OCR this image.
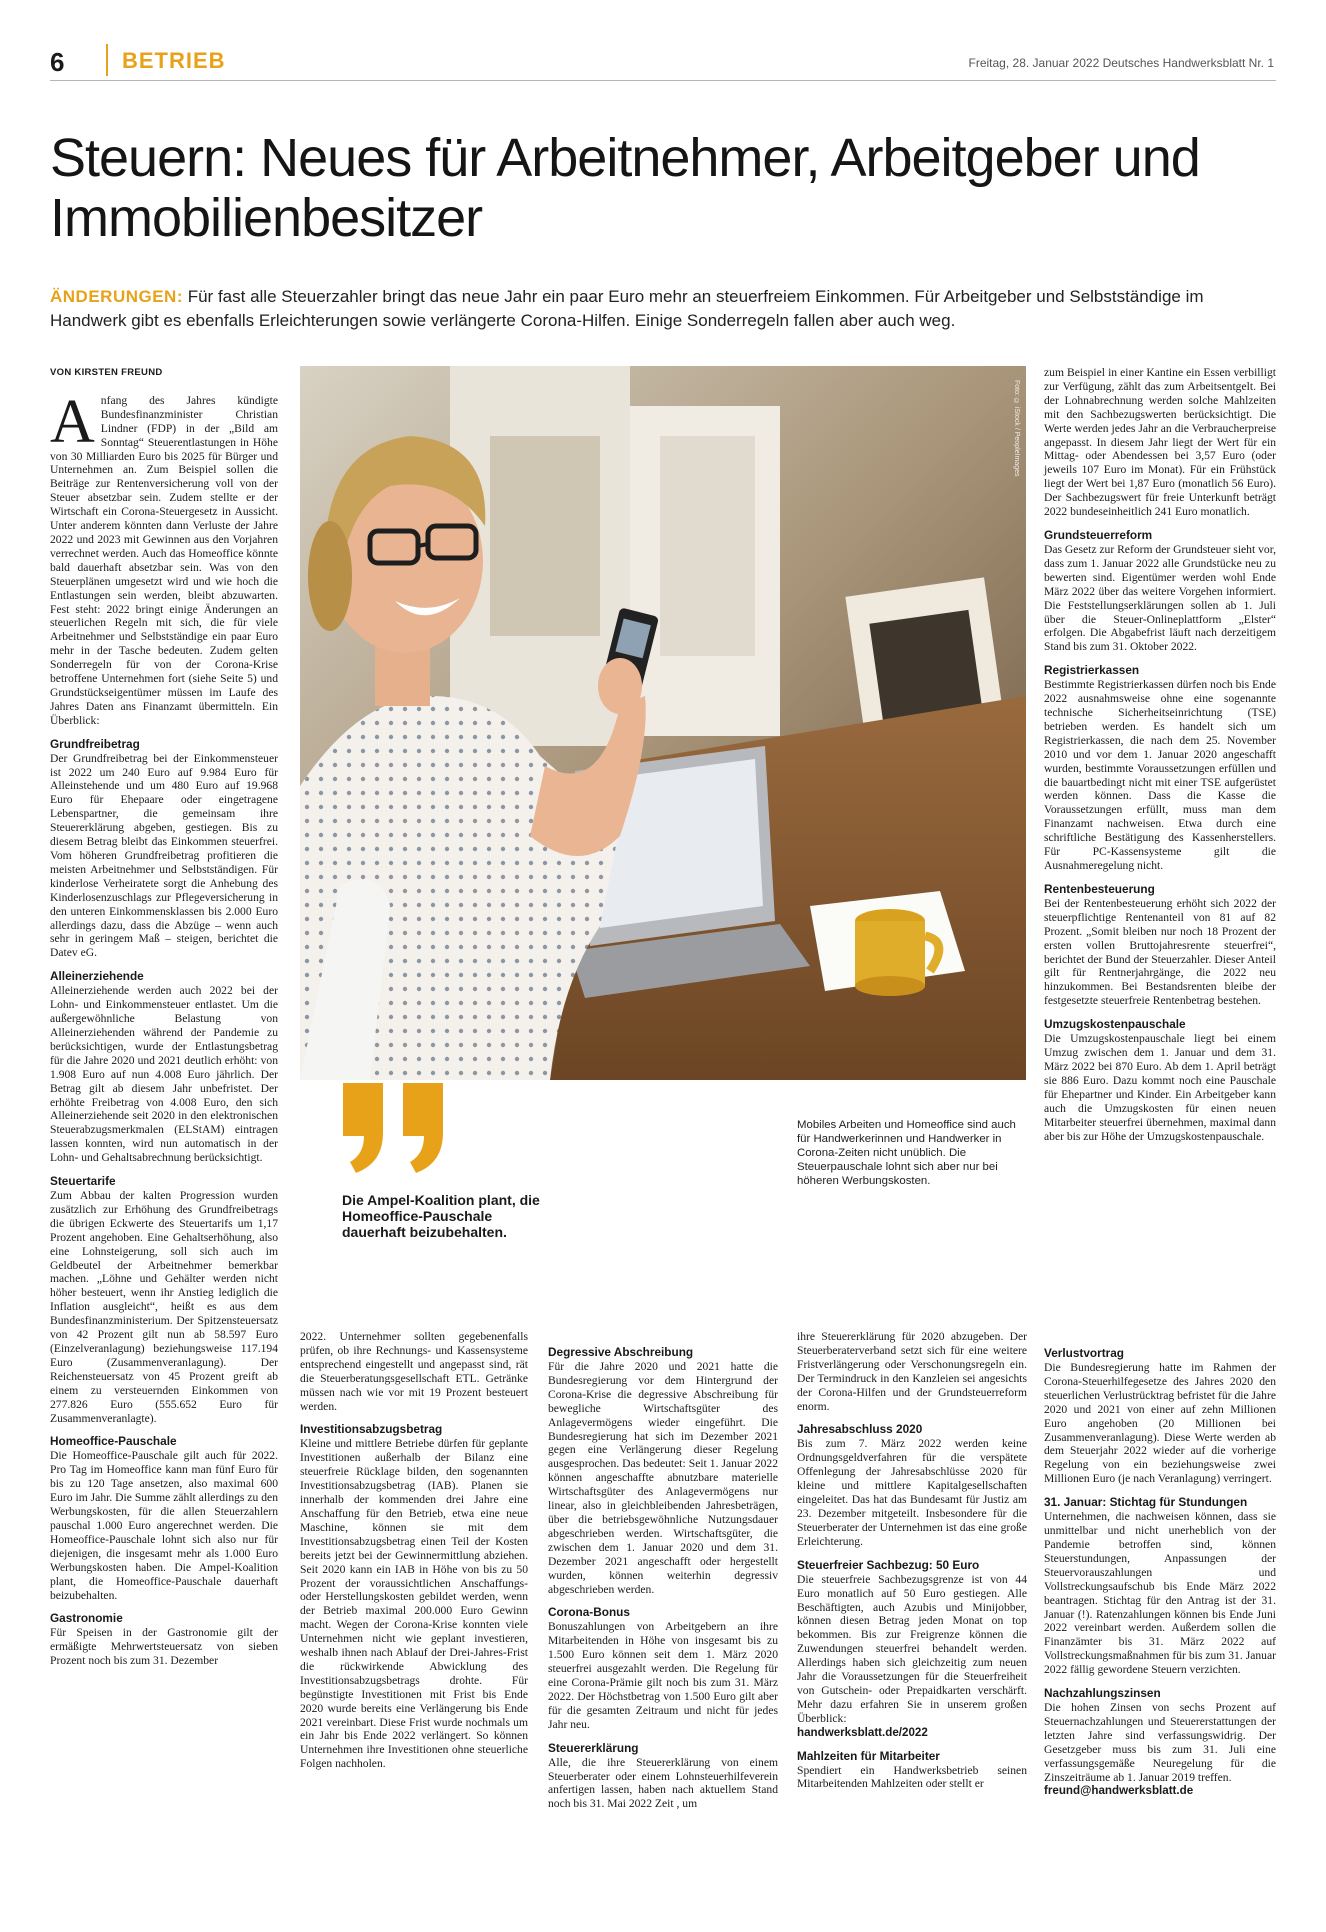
6	BETRIEB	Freitag, 28. Januar 2022 Deutsches Handwerksblatt Nr. 1
Steuern: Neues für Arbeitnehmer, Arbeitgeber und Immobilienbesitzer
ÄNDERUNGEN: Für fast alle Steuerzahler bringt das neue Jahr ein paar Euro mehr an steuerfreiem Einkommen. Für Arbeitgeber und Selbstständige im Handwerk gibt es ebenfalls Erleichterungen sowie verlängerte Corona-Hilfen. Einige Sonderregeln fallen aber auch weg.
VON KIRSTEN FREUND

Anfang des Jahres kündigte Bundesfinanzminister Christian Lindner (FDP) in der „Bild am Sonntag“ Steuerentlastungen in Höhe von 30 Milliarden Euro bis 2025 für Bürger und Unternehmen an. Zum Beispiel sollen die Beiträge zur Rentenversicherung voll von der Steuer absetzbar sein. Zudem stellte er der Wirtschaft ein Corona-Steuergesetz in Aussicht. Unter anderem könnten dann Verluste der Jahre 2022 und 2023 mit Gewinnen aus den Vorjahren verrechnet werden. Auch das Homeoffice könnte bald dauerhaft absetzbar sein. Was von den Steuerplänen umgesetzt wird und wie hoch die Entlastungen sein werden, bleibt abzuwarten. Fest steht: 2022 bringt einige Änderungen an steuerlichen Regeln mit sich, die für viele Arbeitnehmer und Selbstständige ein paar Euro mehr in der Tasche bedeuten. Zudem gelten Sonderregeln für von der Corona-Krise betroffene Unternehmen fort (siehe Seite 5) und Grundstückseigentümer müssen im Laufe des Jahres Daten ans Finanzamt übermitteln. Ein Überblick:

Grundfreibetrag

Der Grundfreibetrag bei der Einkommensteuer ist 2022 um 240 Euro auf 9.984 Euro für Alleinstehende und um 480 Euro auf 19.968 Euro für Ehepaare oder eingetragene Lebenspartner, die gemeinsam ihre Steuererklärung abgeben, gestiegen. Bis zu diesem Betrag bleibt das Einkommen steuerfrei. Vom höheren Grundfreibetrag profitieren die meisten Arbeitnehmer und Selbstständigen. Für kinderlose Verheiratete sorgt die Anhebung des Kinderlosenzuschlags zur Pflegeversicherung in den unteren Einkommensklassen bis 2.000 Euro allerdings dazu, dass die Abzüge – wenn auch sehr in geringem Maß – steigen, berichtet die Datev eG.

Alleinerziehende

Alleinerziehende werden auch 2022 bei der Lohn- und Einkommensteuer entlastet. Um die außergewöhnliche Belastung von Alleinerziehenden während der Pandemie zu berücksichtigen, wurde der Entlastungsbetrag für die Jahre 2020 und 2021 deutlich erhöht: von 1.908 Euro auf nun 4.008 Euro jährlich. Der Betrag gilt ab diesem Jahr unbefristet. Der erhöhte Freibetrag von 4.008 Euro, den sich Alleinerziehende seit 2020 in den elektronischen Steuerabzugsmerkmalen (ELStAM) eintragen lassen konnten, wird nun automatisch in der Lohn- und Gehaltsabrechnung berücksichtigt.

Steuertarife

Zum Abbau der kalten Progression wurden zusätzlich zur Erhöhung des Grundfreibetrags die übrigen Eckwerte des Steuertarifs um 1,17 Prozent angehoben. Eine Gehaltserhöhung, also eine Lohnsteigerung, soll sich auch im Geldbeutel der Arbeitnehmer bemerkbar machen. „Löhne und Gehälter werden nicht höher besteuert, wenn ihr Anstieg lediglich die Inflation ausgleicht“, heißt es aus dem Bundesfinanzministerium. Der Spitzensteuersatz von 42 Prozent gilt nun ab 58.597 Euro (Einzelveranlagung) beziehungsweise 117.194 Euro (Zusammenveranlagung). Der Reichensteuersatz von 45 Prozent greift ab einem zu versteuernden Einkommen von 277.826 Euro (555.652 Euro für Zusammenveranlagte).

Homeoffice-Pauschale

Die Homeoffice-Pauschale gilt auch für 2022. Pro Tag im Homeoffice kann man fünf Euro für bis zu 120 Tage ansetzen, also maximal 600 Euro im Jahr. Die Summe zählt allerdings zu den Werbungskosten, für die allen Steuerzahlern pauschal 1.000 Euro angerechnet werden. Die Homeoffice-Pauschale lohnt sich also nur für diejenigen, die insgesamt mehr als 1.000 Euro Werbungskosten haben. Die Ampel-Koalition plant, die Homeoffice-Pauschale dauerhaft beizubehalten.

Gastronomie

Für Speisen in der Gastronomie gilt der ermäßigte Mehrwertsteuersatz von sieben Prozent noch bis zum 31. Dezember

Foto: © iStock / PeopleImages
Die Ampel-Koalition plant, die Homeoffice-Pauschale dauerhaft beizubehalten.
Mobiles Arbeiten und Homeoffice sind auch für Handwerkerinnen und Handwerker in Corona-Zeiten nicht unüblich. Die Steuerpauschale lohnt sich aber nur bei höheren Werbungskosten.

2022. Unternehmer sollten gegebenenfalls prüfen, ob ihre Rechnungs- und Kassensysteme entsprechend eingestellt und angepasst sind, rät die Steuerberatungsgesellschaft ETL. Getränke müssen nach wie vor mit 19 Prozent besteuert werden.

Investitionsabzugsbetrag

Kleine und mittlere Betriebe dürfen für geplante Investitionen außerhalb der Bilanz eine steuerfreie Rücklage bilden, den sogenannten Investitionsabzugsbetrag (IAB). Planen sie innerhalb der kommenden drei Jahre eine Anschaffung für den Betrieb, etwa eine neue Maschine, können sie mit dem Investitionsabzugsbetrag einen Teil der Kosten bereits jetzt bei der Gewinnermittlung abziehen. Seit 2020 kann ein IAB in Höhe von bis zu 50 Prozent der voraussichtlichen Anschaffungs- oder Herstellungskosten gebildet werden, wenn der Betrieb maximal 200.000 Euro Gewinn macht. Wegen der Corona-Krise konnten viele Unternehmen nicht wie geplant investieren, weshalb ihnen nach Ablauf der Drei-Jahres-Frist die rückwirkende Abwicklung des Investitionsabzugsbetrags drohte. Für begünstigte Investitionen mit Frist bis Ende 2020 wurde bereits eine Verlängerung bis Ende 2021 vereinbart. Diese Frist wurde nochmals um ein Jahr bis Ende 2022 verlängert. So können Unternehmen ihre Investitionen ohne steuerliche Folgen nachholen.

Degressive Abschreibung

Für die Jahre 2020 und 2021 hatte die Bundesregierung vor dem Hintergrund der Corona-Krise die degressive Abschreibung für bewegliche Wirtschaftsgüter des Anlagevermögens wieder eingeführt. Die Bundesregierung hat sich im Dezember 2021 gegen eine Verlängerung dieser Regelung ausgesprochen. Das bedeutet: Seit 1. Januar 2022 können angeschaffte abnutzbare materielle Wirtschaftsgüter des Anlagevermögens nur linear, also in gleichbleibenden Jahresbeträgen, über die betriebsgewöhnliche Nutzungsdauer abgeschrieben werden. Wirtschaftsgüter, die zwischen dem 1. Januar 2020 und dem 31. Dezember 2021 angeschafft oder hergestellt wurden, können weiterhin degressiv abgeschrieben werden.

Corona-Bonus

Bonuszahlungen von Arbeitgebern an ihre Mitarbeitenden in Höhe von insgesamt bis zu 1.500 Euro können seit dem 1. März 2020 steuerfrei ausgezahlt werden. Die Regelung für eine Corona-Prämie gilt noch bis zum 31. März 2022. Der Höchstbetrag von 1.500 Euro gilt aber für die gesamten Zeitraum und nicht für jedes Jahr neu.

Steuererklärung

Alle, die ihre Steuererklärung von einem Steuerberater oder einem Lohnsteuerhilfeverein anfertigen lassen, haben nach aktuellem Stand noch bis 31. Mai 2022 Zeit , um

ihre Steuererklärung für 2020 abzugeben. Der Steuerberaterverband setzt sich für eine weitere Fristverlängerung oder Verschonungsregeln ein. Der Termindruck in den Kanzleien sei angesichts der Corona-Hilfen und der Grundsteuerreform enorm.

Jahresabschluss 2020

Bis zum 7. März 2022 werden keine Ordnungsgeldverfahren für die verspätete Offenlegung der Jahresabschlüsse 2020 für kleine und mittlere Kapitalgesellschaften eingeleitet. Das hat das Bundesamt für Justiz am 23. Dezember mitgeteilt. Insbesondere für die Steuerberater der Unternehmen ist das eine große Erleichterung.

Steuerfreier Sachbezug: 50 Euro

Die steuerfreie Sachbezugsgrenze ist von 44 Euro monatlich auf 50 Euro gestiegen. Alle Beschäftigten, auch Azubis und Minijobber, können diesen Betrag jeden Monat on top bekommen. Bis zur Freigrenze können die Zuwendungen steuerfrei behandelt werden. Allerdings haben sich gleichzeitig zum neuen Jahr die Voraussetzungen für die Steuerfreiheit von Gutschein- oder Prepaidkarten verschärft. Mehr dazu erfahren Sie in unserem großen Überblick:
handwerksblatt.de/2022

Mahlzeiten für Mitarbeiter

Spendiert ein Handwerksbetrieb seinen Mitarbeitenden Mahlzeiten oder stellt er

zum Beispiel in einer Kantine ein Essen verbilligt zur Verfügung, zählt das zum Arbeitsentgelt. Bei der Lohnabrechnung werden solche Mahlzeiten mit den Sachbezugswerten berücksichtigt. Die Werte werden jedes Jahr an die Verbraucherpreise angepasst. In diesem Jahr liegt der Wert für ein Mittag- oder Abendessen bei 3,57 Euro (oder jeweils 107 Euro im Monat). Für ein Frühstück liegt der Wert bei 1,87 Euro (monatlich 56 Euro). Der Sachbezugswert für freie Unterkunft beträgt 2022 bundeseinheitlich 241 Euro monatlich.

Grundsteuerreform

Das Gesetz zur Reform der Grundsteuer sieht vor, dass zum 1. Januar 2022 alle Grundstücke neu zu bewerten sind. Eigentümer werden wohl Ende März 2022 über das weitere Vorgehen informiert. Die Feststellungserklärungen sollen ab 1. Juli über die Steuer-Onlineplattform „Elster“ erfolgen. Die Abgabefrist läuft nach derzeitigem Stand bis zum 31. Oktober 2022.

Registrierkassen

Bestimmte Registrierkassen dürfen noch bis Ende 2022 ausnahmsweise ohne eine sogenannte technische Sicherheitseinrichtung (TSE) betrieben werden. Es handelt sich um Registrierkassen, die nach dem 25. November 2010 und vor dem 1. Januar 2020 angeschafft wurden, bestimmte Voraussetzungen erfüllen und die bauartbedingt nicht mit einer TSE aufgerüstet werden können. Dass die Kasse die Voraussetzungen erfüllt, muss man dem Finanzamt nachweisen. Etwa durch eine schriftliche Bestätigung des Kassenherstellers. Für PC-Kassensysteme gilt die Ausnahmeregelung nicht.

Rentenbesteuerung

Bei der Rentenbesteuerung erhöht sich 2022 der steuerpflichtige Rentenanteil von 81 auf 82 Prozent. „Somit bleiben nur noch 18 Prozent der ersten vollen Bruttojahresrente steuerfrei“, berichtet der Bund der Steuerzahler. Dieser Anteil gilt für Rentnerjahrgänge, die 2022 neu hinzukommen. Bei Bestandsrenten bleibe der festgesetzte steuerfreie Rentenbetrag bestehen.

Umzugskostenpauschale

Die Umzugskostenpauschale liegt bei einem Umzug zwischen dem 1. Januar und dem 31. März 2022 bei 870 Euro. Ab dem 1. April beträgt sie 886 Euro. Dazu kommt noch eine Pauschale für Ehepartner und Kinder. Ein Arbeitgeber kann auch die Umzugskosten für einen neuen Mitarbeiter steuerfrei übernehmen, maximal dann aber bis zur Höhe der Umzugskostenpauschale.

Verlustvortrag

Die Bundesregierung hatte im Rahmen der Corona-Steuerhilfegesetze des Jahres 2020 den steuerlichen Verlustrücktrag befristet für die Jahre 2020 und 2021 von einer auf zehn Millionen Euro angehoben (20 Millionen bei Zusammenveranlagung). Diese Werte werden ab dem Steuerjahr 2022 wieder auf die vorherige Regelung von ein beziehungsweise zwei Millionen Euro (je nach Veranlagung) verringert.

31. Januar: Stichtag für Stundungen

Unternehmen, die nachweisen können, dass sie unmittelbar und nicht unerheblich von der Pandemie betroffen sind, können Steuerstundungen, Anpassungen der Steuervorauszahlungen und Vollstreckungsaufschub bis Ende März 2022 beantragen. Stichtag für den Antrag ist der 31. Januar (!). Ratenzahlungen können bis Ende Juni 2022 vereinbart werden. Außerdem sollen die Finanzämter bis 31. März 2022 auf Vollstreckungsmaßnahmen für bis zum 31. Januar 2022 fällig gewordene Steuern verzichten.

Nachzahlungszinsen

Die hohen Zinsen von sechs Prozent auf Steuernachzahlungen und Steuererstattungen der letzten Jahre sind verfassungswidrig. Der Gesetzgeber muss bis zum 31. Juli eine verfassungsgemäße Neuregelung für die Zinszeiträume ab 1. Januar 2019 treffen.
freund@handwerksblatt.de
